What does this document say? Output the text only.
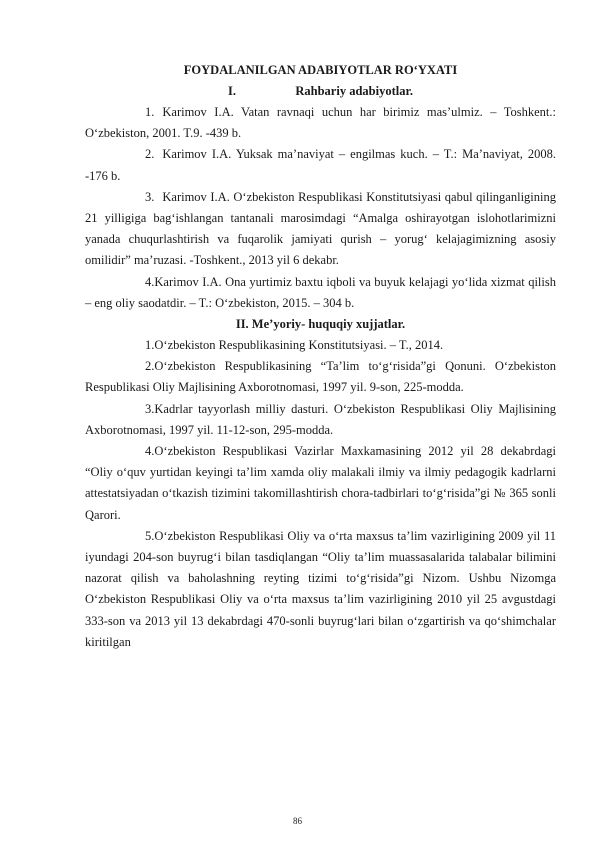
FOYDALANILGAN ADABIYOTLAR RO‘YXATI

I.                   Rahbariy adabiyotlar.

1. Karimov I.A. Vatan ravnaqi uchun har birimiz mas’ulmiz. – Toshkent.: O‘zbekiston, 2001. T.9. -439 b.

2. Karimov I.A. Yuksak ma’naviyat – engilmas kuch. – T.: Ma’naviyat, 2008. -176 b.

3. Karimov I.A. O‘zbekiston Respublikasi Konstitutsiyasi qabul qilinganligining 21 yilligiga bag‘ishlangan tantanali marosimdagi “Amalga oshirayotgan islohotlarimizni yanada chuqurlashtirish va fuqarolik jamiyati qurish – yorug‘ kelajagimizning asosiy omilidir” ma’ruzasi. -Toshkent., 2013 yil 6 dekabr.

4.Karimov I.A. Ona yurtimiz baxtu iqboli va buyuk kelajagi yo‘lida xizmat qilish – eng oliy saodatdir. – T.: O‘zbekiston, 2015. – 304 b.

II. Me’yoriy- huquqiy xujjatlar.

1.O‘zbekiston Respublikasining Konstitutsiyasi. – T., 2014.

2.O‘zbekiston Respublikasining “Ta’lim to‘g‘risida”gi Qonuni. O‘zbekiston Respublikasi Oliy Majlisining Axborotnomasi, 1997 yil. 9-son, 225-modda.

3.Kadrlar tayyorlash milliy dasturi. O‘zbekiston Respublikasi Oliy Majlisining Axborotnomasi, 1997 yil. 11-12-son, 295-modda.

4.O‘zbekiston Respublikasi Vazirlar Maxkamasining 2012 yil 28 dekabrdagi “Oliy o‘quv yurtidan keyingi ta’lim xamda oliy malakali ilmiy va ilmiy pedagogik kadrlarni attestatsiyadan o‘tkazish tizimini takomillashtirish chora-tadbirlari to‘g‘risida”gi № 365 sonli Qarori.

5.O‘zbekiston Respublikasi Oliy va o‘rta maxsus ta’lim vazirligining 2009 yil 11 iyundagi 204-son buyrug‘i bilan tasdiqlangan “Oliy ta’lim muassasalarida talabalar bilimini nazorat qilish va baholashning reyting tizimi to‘g‘risida”gi Nizom. Ushbu Nizomga O‘zbekiston Respublikasi Oliy va o‘rta maxsus ta’lim vazirligining 2010 yil 25 avgustdagi 333-son va 2013 yil 13 dekabrdagi 470-sonli buyrug‘lari bilan o‘zgartirish va qo‘shimchalar kiritilgan

86
